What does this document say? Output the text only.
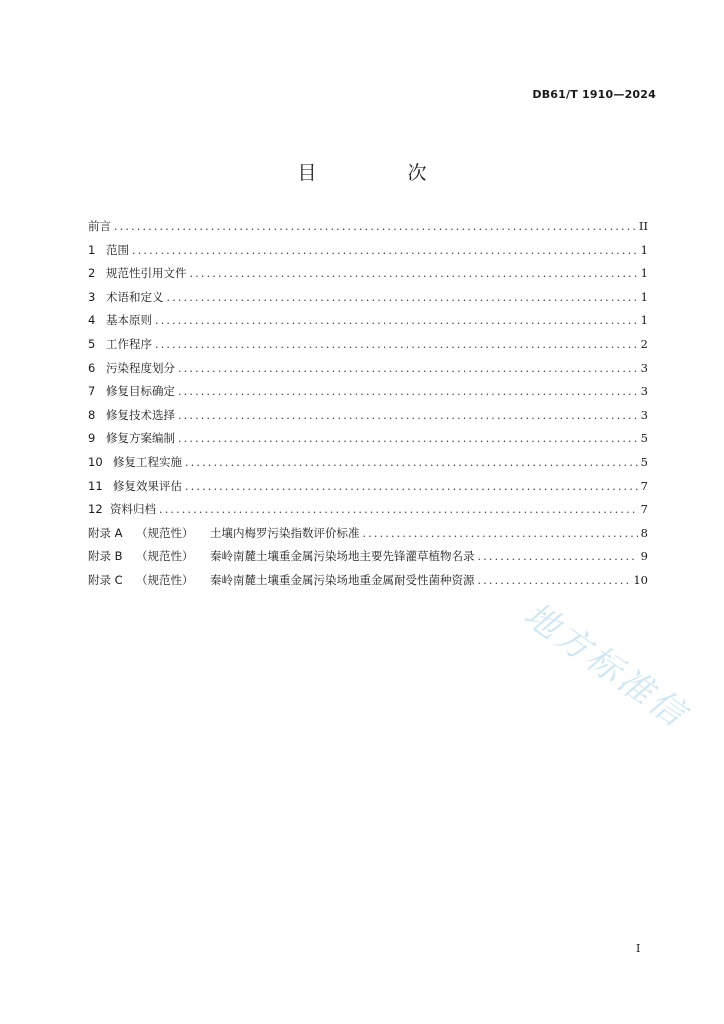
DB61/T 1910—2024
目　次
前言 .....	II
1 范围 .....	1
2 规范性引用文件 .....	1
3 术语和定义 .....	1
4 基本原则 .....	1
5 工作程序 .....	2
6 污染程度划分 .....	3
7 修复目标确定 .....	3
8 修复技术选择 .....	3
9 修复方案编制 .....	5
10 修复工程实施 .....	5
11 修复效果评估 .....	7
12 资料归档 .....	7
附录 A （规范性） 土壤内梅罗污染指数评价标准 .....	8
附录 B （规范性） 秦岭南麓土壤重金属污染场地主要先锋灌草植物名录 .....	9
附录 C （规范性） 秦岭南麓土壤重金属污染场地重金属耐受性菌种资源 .....	10
地方标准信
I
